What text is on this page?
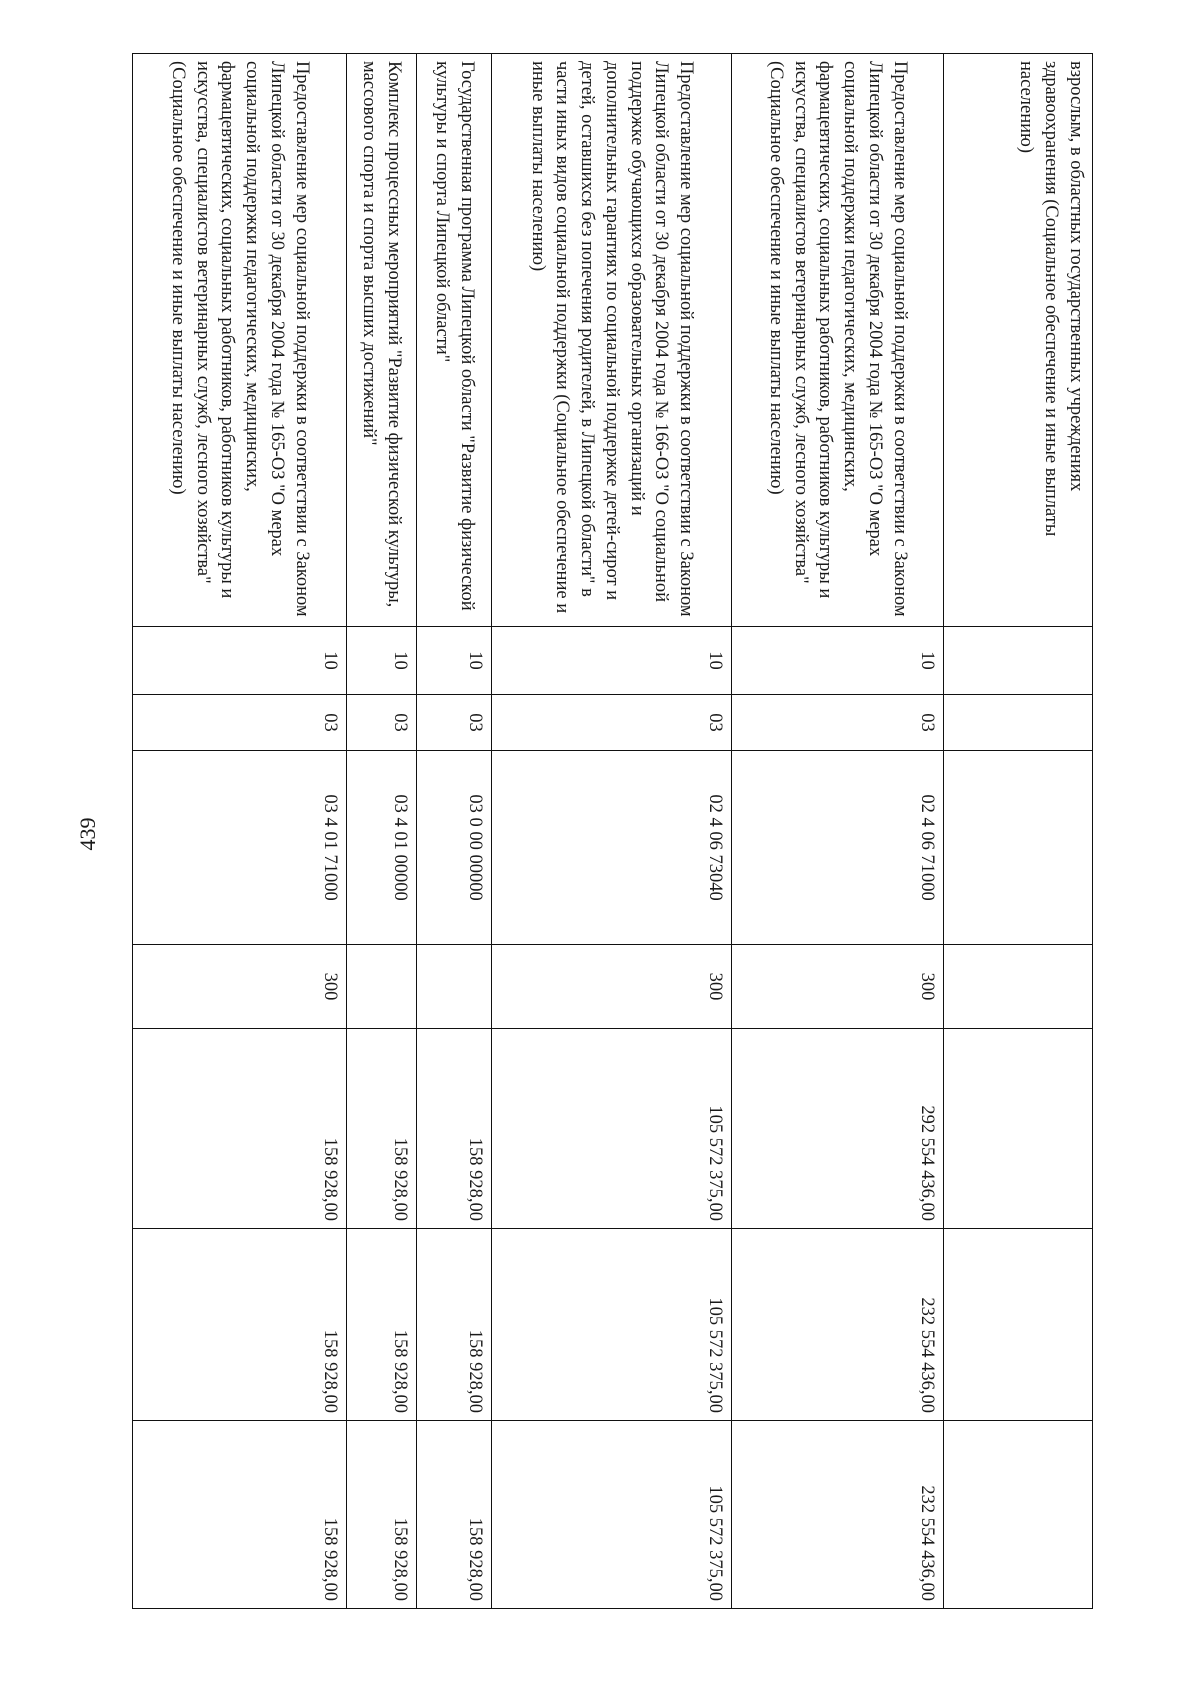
439
взрослым, в областных государственных учреждениях здравоохранения (Социальное обеспечение и иные выплаты населению)							
Предоставление мер социальной поддержки в соответствии с Законом Липецкой области от 30 декабря 2004 года № 165-ОЗ "О мерах социальной поддержки педагогических, медицинских, фармацевтических, социальных работников, работников культуры и искусства, специалистов ветеринарных служб, лесного хозяйства" (Социальное обеспечение и иные выплаты населению)	10	03	02 4 06 71000	300	292 554 436,00	232 554 436,00	232 554 436,00
Предоставление мер социальной поддержки в соответствии с Законом Липецкой области от 30 декабря 2004 года № 166-ОЗ "О социальной поддержке обучающихся образовательных организаций и дополнительных гарантиях по социальной поддержке детей-сирот и детей, оставшихся без попечения родителей, в Липецкой области" в части иных видов социальной поддержки (Социальное обеспечение и иные выплаты населению)	10	03	02 4 06 73040	300	105 572 375,00	105 572 375,00	105 572 375,00
Государственная программа Липецкой области "Развитие физической культуры и спорта Липецкой области"	10	03	03 0 00 00000		158 928,00	158 928,00	158 928,00
Комплекс процессных мероприятий "Развитие физической культуры, массового спорта и спорта высших достижений"	10	03	03 4 01 00000		158 928,00	158 928,00	158 928,00
Предоставление мер социальной поддержки в соответствии с Законом Липецкой области от 30 декабря 2004 года № 165-ОЗ "О мерах социальной поддержки педагогических, медицинских, фармацевтических, социальных работников, работников культуры и искусства, специалистов ветеринарных служб, лесного хозяйства" (Социальное обеспечение и иные выплаты населению)	10	03	03 4 01 71000	300	158 928,00	158 928,00	158 928,00
